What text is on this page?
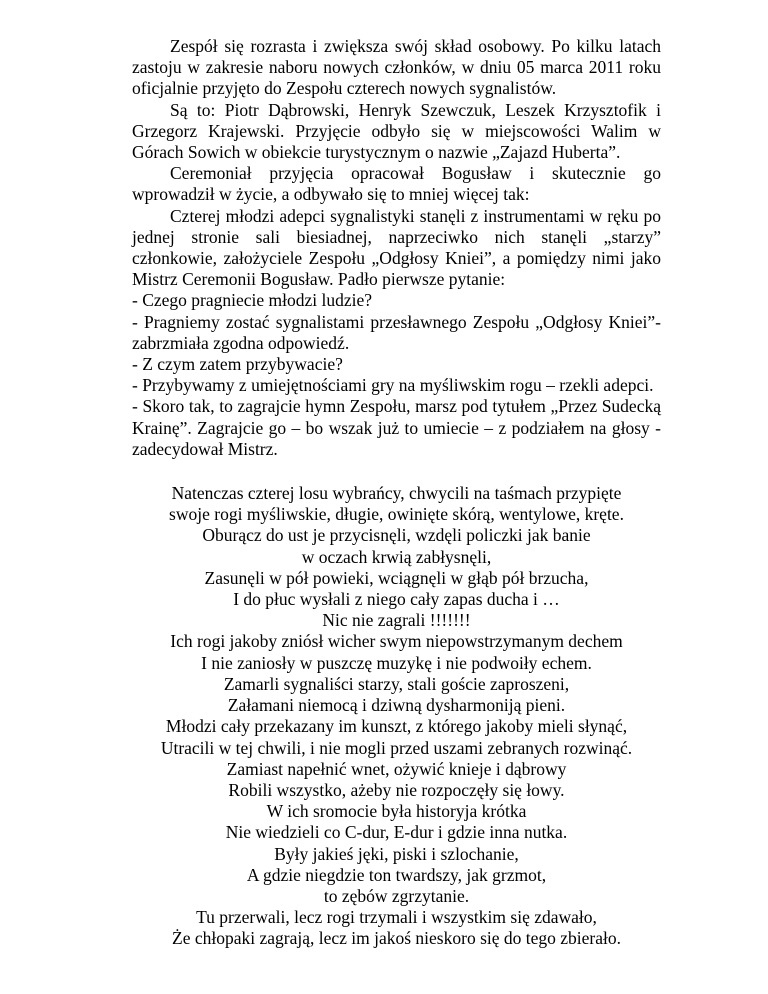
Zespół się rozrasta i zwiększa swój skład osobowy. Po kilku latach zastoju w zakresie naboru nowych członków, w dniu 05 marca 2011 roku oficjalnie przyjęto do Zespołu czterech nowych sygnalistów.

Są to: Piotr Dąbrowski, Henryk Szewczuk, Leszek Krzysztofik i Grzegorz Krajewski. Przyjęcie odbyło się w miejscowości Walim w Górach Sowich w obiekcie turystycznym o nazwie „Zajazd Huberta”.

Ceremoniał przyjęcia opracował Bogusław i skutecznie go wprowadził w życie, a odbywało się to mniej więcej tak:

Czterej młodzi adepci sygnalistyki stanęli z instrumentami w ręku po jednej stronie sali biesiadnej, naprzeciwko nich stanęli „starzy” członkowie, założyciele Zespołu „Odgłosy Knieі”, a pomiędzy nimi jako Mistrz Ceremonii Bogusław. Padło pierwsze pytanie:

- Czego pragniecie młodzi ludzie?

- Pragniemy zostać sygnalistami przesławnego Zespołu „Odgłosy Knieі”- zabrzmiała zgodna odpowiedź.

- Z czym zatem przybywacie?

- Przybywamy z umiejętnościami gry na myśliwskim rogu – rzekli adepci.

- Skoro tak, to zagrajcie hymn Zespołu, marsz pod tytułem „Przez Sudecką Krainę”. Zagrajcie go – bo wszak już to umiecie – z podziałem na głosy - zadecydował Mistrz.

Natenczas czterej losu wybrańcy, chwycili na taśmach przypięte
swoje rogi myśliwskie, długie, owinięte skórą, wentylowe, kręte.
Oburącz do ust je przycisnęli, wzdęli policzki jak banie
w oczach krwią zabłysnęli,
Zasunęli w pół powieki, wciągnęli w głąb pół brzucha,
I do płuc wysłali z niego cały zapas ducha i …
Nic nie zagrali !!!!!!!
Ich rogi jakoby zniósł wicher swym niepowstrzymanym dechem
I nie zaniosły w puszczę muzykę i nie podwoiły echem.
Zamarli sygnaliści starzy, stali goście zaproszeni,
Załamani niemocą i dziwną dysharmoniją pieni.
Młodzi cały przekazany im kunszt, z którego jakoby mieli słynąć,
Utracili w tej chwili, i nie mogli przed uszami zebranych rozwinąć.
Zamiast napełnić wnet, ożywić knieje i dąbrowy
Robili wszystko, ażeby nie rozpoczęły się łowy.
W ich sromocie była historyja krótka
Nie wiedzieli co C-dur, E-dur i gdzie inna nutka.
Były jakieś jęki, piski i szlochanie,
A gdzie niegdzie ton twardszy, jak grzmot,
to zębów zgrzytanie.
Tu przerwali, lecz rogi trzymali i wszystkim się zdawało,
Że chłopaki zagrają, lecz im jakoś nieskoro się do tego zbierało.
